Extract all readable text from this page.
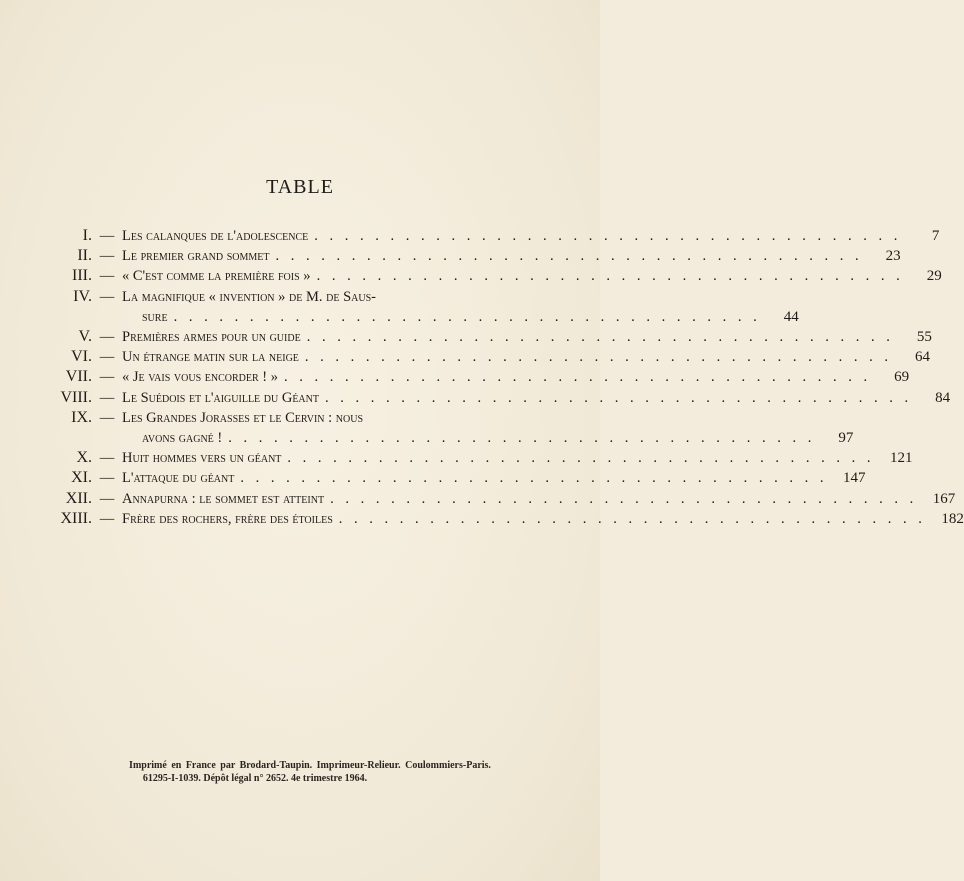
TABLE
I. — Les calanques de l'adolescence . . . . . . . . . . . . . . . . . . . . . . . . . . . . . . . . . . . . . . .	7
II. — Le premier grand sommet . . . . . . . . . . . . . . . . . . . . . . . . . . . . . . . . . . . . . . .	23
III. — « C'est comme la première fois » . . . . . . . . . . . . . . . . . . . . . . . . . . . . . . . . . . . . . . .	29
IV. — La magnifique « invention » de M. de Saus-
sure . . . . . . . . . . . . . . . . . . . . . . . . . . . . . . . . . . . . . . .	44
V. — Premières armes pour un guide . . . . . . . . . . . . . . . . . . . . . . . . . . . . . . . . . . . . . . .	55
VI. — Un étrange matin sur la neige . . . . . . . . . . . . . . . . . . . . . . . . . . . . . . . . . . . . . . .	64
VII. — « Je vais vous encorder ! » . . . . . . . . . . . . . . . . . . . . . . . . . . . . . . . . . . . . . . .	69
VIII. — Le Suédois et l'aiguille du Géant . . . . . . . . . . . . . . . . . . . . . . . . . . . . . . . . . . . . . . .	84
IX. — Les Grandes Jorasses et le Cervin : nous
avons gagné ! . . . . . . . . . . . . . . . . . . . . . . . . . . . . . . . . . . . . . . .	97
X. — Huit hommes vers un géant . . . . . . . . . . . . . . . . . . . . . . . . . . . . . . . . . . . . . . .	121
XI. — L'attaque du géant . . . . . . . . . . . . . . . . . . . . . . . . . . . . . . . . . . . . . . .	147
XII. — Annapurna : le sommet est atteint . . . . . . . . . . . . . . . . . . . . . . . . . . . . . . . . . . . . . . .	167
XIII. — Frère des rochers, frère des étoiles . . . . . . . . . . . . . . . . . . . . . . . . . . . . . . . . . . . . . . .	182
Imprimé en France par Brodard-Taupin. Imprimeur-Relieur. Coulommiers-Paris.
61295-I-1039. Dépôt légal n° 2652. 4e trimestre 1964.
